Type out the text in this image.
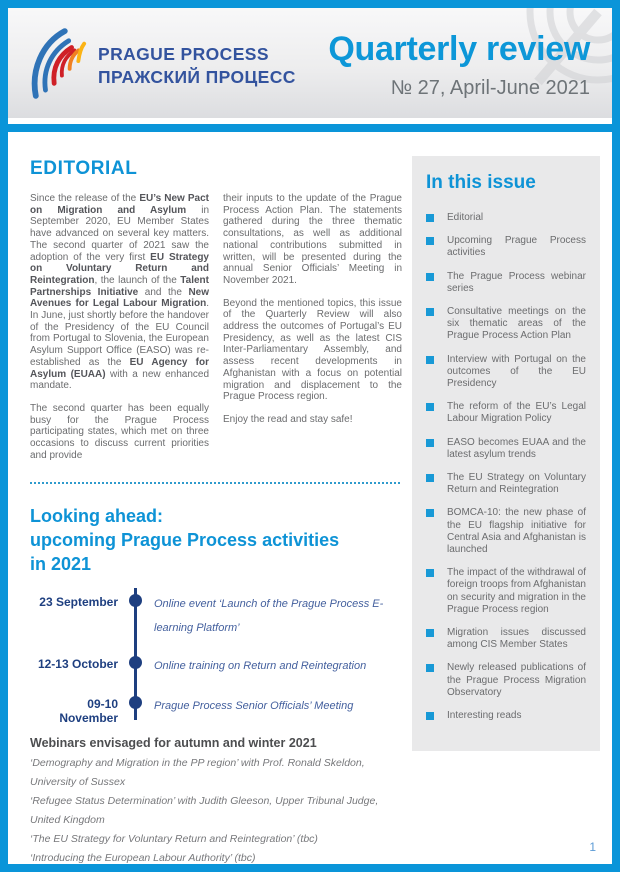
PRAGUE PROCESS
ПРАЖСКИЙ ПРОЦЕСС
Quarterly review
№ 27, April-June 2021
EDITORIAL

Since the release of the EU’s New Pact on Migration and Asylum in September 2020, EU Member States have advanced on several key matters. The second quarter of 2021 saw the adoption of the very first EU Strategy on Voluntary Return and Reintegration, the launch of the Talent Partnerships Initiative and the New Avenues for Legal Labour Migration. In June, just shortly before the handover of the Presidency of the EU Council from Portugal to Slovenia, the European Asylum Support Office (EASO) was re-established as the EU Agency for Asylum (EUAA) with a new enhanced mandate.

The second quarter has been equally busy for the Prague Process participating states, which met on three occasions to discuss current priorities and provide

their inputs to the update of the Prague Process Action Plan. The statements gathered during the three thematic consultations, as well as additional national contributions submitted in written, will be presented during the annual Senior Officials’ Meeting in November 2021.

Beyond the mentioned topics, this issue of the Quarterly Review will also address the outcomes of Portugal’s EU Presidency, as well as the latest CIS Inter-Parliamentary Assembly, and assess recent developments in Afghanistan with a focus on potential migration and displacement to the Prague Process region.

Enjoy the read and stay safe!

Looking ahead:
upcoming Prague Process activities
in 2021
23 September	Online event ‘Launch of the Prague Process E-learning Platform’
12-13 October	Online training on Return and Reintegration
09-10 November
Prague Process Senior Officials’ Meeting
Webinars envisaged for autumn and winter 2021
‘Demography and Migration in the PP region’ with Prof. Ronald Skeldon, University of Sussex
‘Refugee Status Determination’ with Judith Gleeson, Upper Tribunal Judge, United Kingdom
‘The EU Strategy for Voluntary Return and Reintegration’ (tbc)
‘Introducing the European Labour Authority’ (tbc)
In this issue
Editorial
Upcoming Prague Process activities
The Prague Process webinar series
Consultative meetings on the six thematic areas of the Prague Process Action Plan
Interview with Portugal on the outcomes of the EU Presidency
The reform of the EU’s Legal Labour Migration Policy
EASO becomes EUAA and the latest asylum trends
The EU Strategy on Voluntary Return and Reintegration
BOMCA-10: the new phase of the EU flagship initiative for Central Asia and Afghanistan is launched
The impact of the withdrawal of foreign troops from Afghanistan on security and migration in the Prague Process region
Migration issues discussed among CIS Member States
Newly released publications of the Prague Process Migration Observatory
Interesting reads
1
